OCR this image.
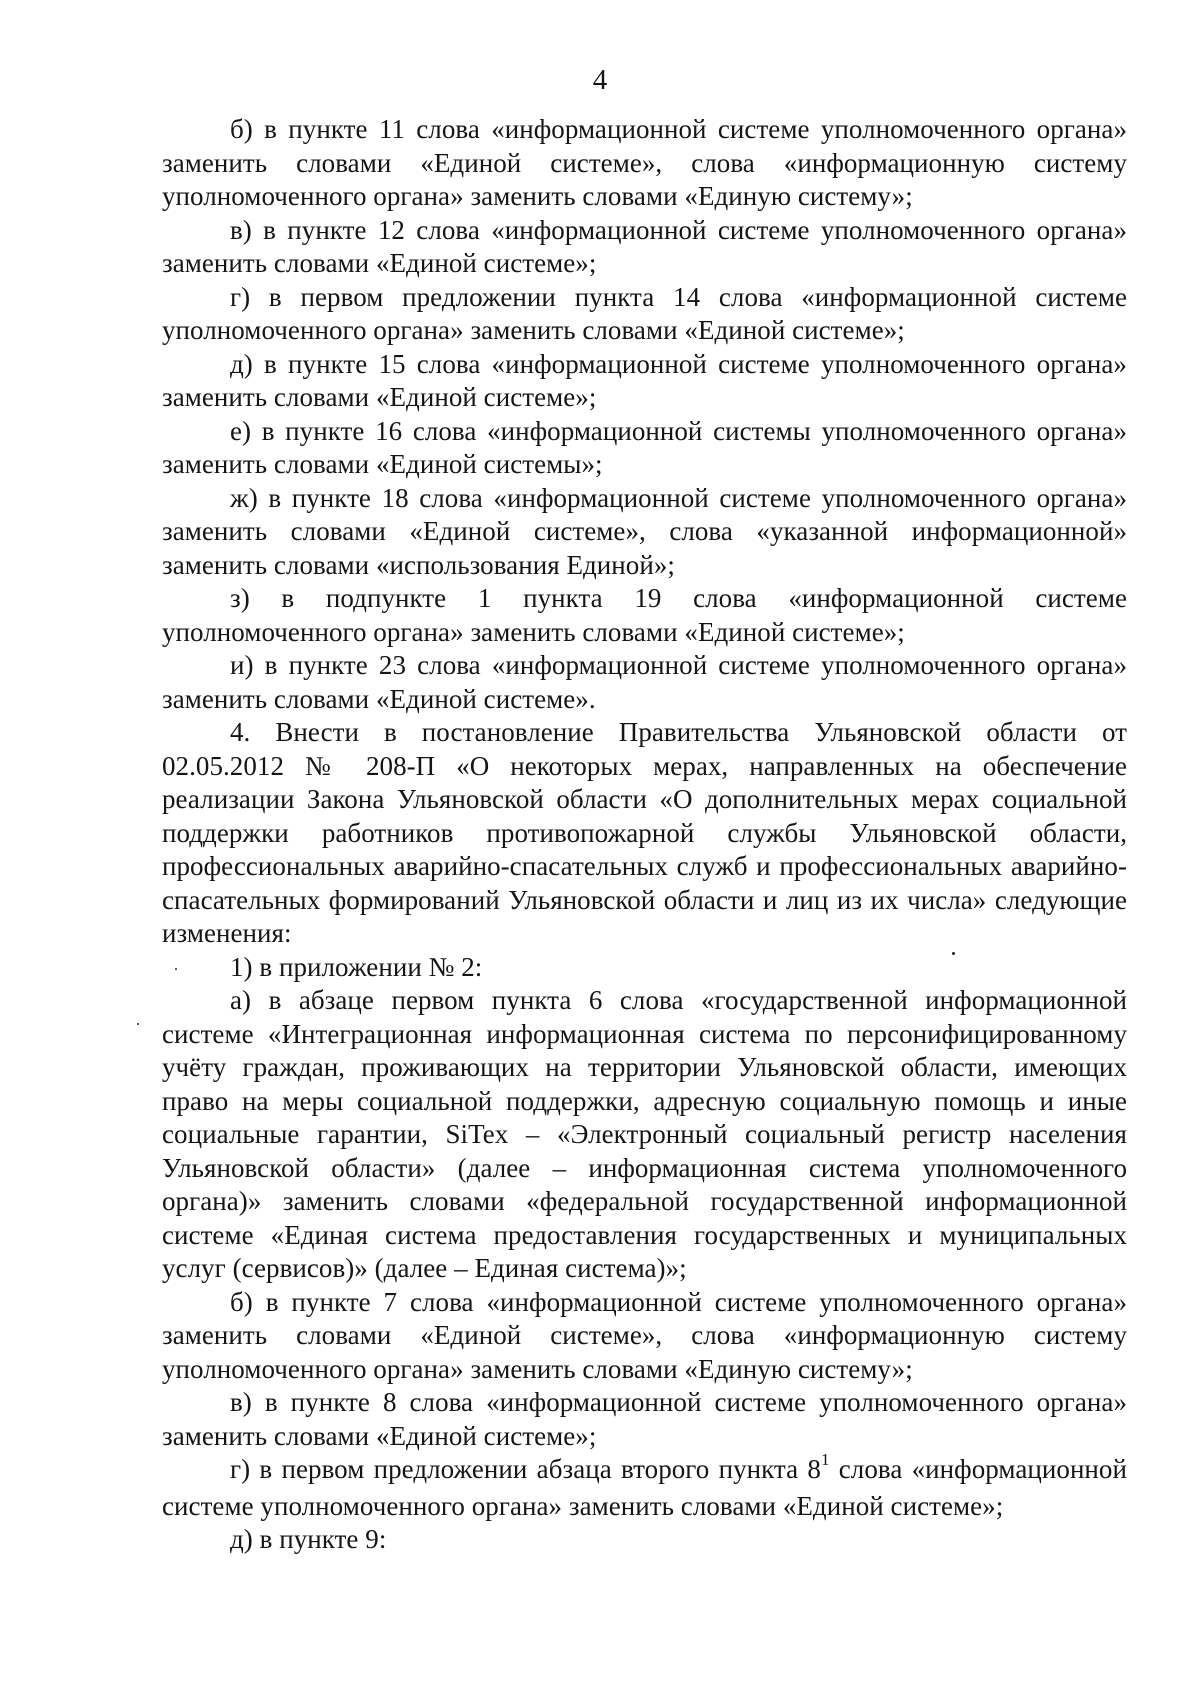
4

б) в пункте 11 слова «информационной системе уполномоченного органа» заменить словами «Единой системе», слова «информационную систему уполномоченного органа» заменить словами «Единую систему»;

в) в пункте 12 слова «информационной системе уполномоченного органа» заменить словами «Единой системе»;

г) в первом предложении пункта 14 слова «информационной системе уполномоченного органа» заменить словами «Единой системе»;

д) в пункте 15 слова «информационной системе уполномоченного органа» заменить словами «Единой системе»;

е) в пункте 16 слова «информационной системы уполномоченного органа» заменить словами «Единой системы»;

ж) в пункте 18 слова «информационной системе уполномоченного органа» заменить словами «Единой системе», слова «указанной информационной» заменить словами «использования Единой»;

з) в подпункте 1 пункта 19 слова «информационной системе уполномоченного органа» заменить словами «Единой системе»;

и) в пункте 23 слова «информационной системе уполномоченного органа» заменить словами «Единой системе».

4. Внести в постановление Правительства Ульяновской области от 02.05.2012 № 208-П «О некоторых мерах, направленных на обеспечение реализации Закона Ульяновской области «О дополнительных мерах социальной поддержки работников противопожарной службы Ульяновской области, профессиональных аварийно-спасательных служб и профессиональных аварийно-спасательных формирований Ульяновской области и лиц из их числа» следующие изменения:

1) в приложении № 2:

а) в абзаце первом пункта 6 слова «государственной информационной системе «Интеграционная информационная система по персонифицированному учёту граждан, проживающих на территории Ульяновской области, имеющих право на меры социальной поддержки, адресную социальную помощь и иные социальные гарантии, SiTex – «Электронный социальный регистр населения Ульяновской области» (далее – информационная система уполномоченного органа)» заменить словами «федеральной государственной информационной системе «Единая система предоставления государственных и муниципальных услуг (сервисов)» (далее – Единая система)»;

б) в пункте 7 слова «информационной системе уполномоченного органа» заменить словами «Единой системе», слова «информационную систему уполномоченного органа» заменить словами «Единую систему»;

в) в пункте 8 слова «информационной системе уполномоченного органа» заменить словами «Единой системе»;

г) в первом предложении абзаца второго пункта $8^1$ слова «информационной системе уполномоченного органа» заменить словами «Единой системе»;

д) в пункте 9:
